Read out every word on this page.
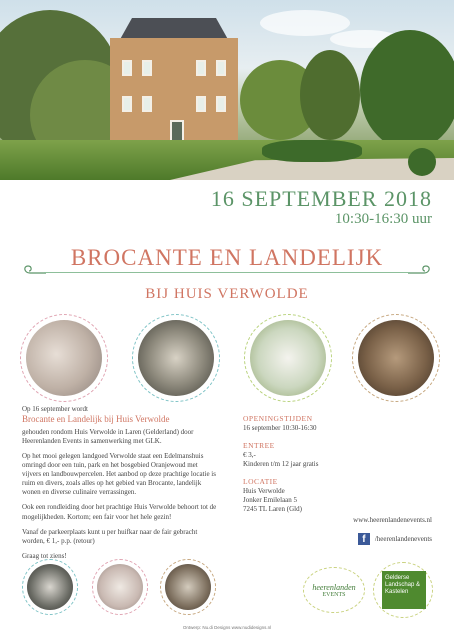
16 SEPTEMBER 2018
10:30-16:30 uur
BROCANTE EN LANDELIJK
BIJ HUIS VERWOLDE
Op 16 september wordt
Brocante en Landelijk bij Huis Verwolde

gehouden rondom Huis Verwolde in Laren (Gelderland) door Heerenlanden Events in samenwerking met GLK.

Op het mooi gelegen landgoed Verwolde staat een Edelmanshuis omringd door een tuin, park en het bosgebied Oranjewoud met vijvers en landbouwpercelen. Het aanbod op deze prachtige locatie is ruim en divers, zoals alles op het gebied van Brocante, landelijk wonen en diverse culinaire verrassingen.

Ook een rondleiding door het prachtige Huis Verwolde behoort tot de mogelijkheden. Kortom; een fair voor het hele gezin!

Vanaf de parkeerplaats kunt u per huifkar naar de fair gebracht worden, € 1,- p.p. (retour)

Graag tot ziens!

OPENINGSTIJDEN
16 september 10:30-16:30
ENTREE
€ 3,-
Kinderen t/m 12 jaar gratis
LOCATIE
Huis Verwolde
Jonker Emilelaan 5
7245 TL Laren (Gld)
www.heerenlandenevents.nl
f	/heerenlandenevents
heerenlanden
EVENTS
Gelderse
Landschap &
Kastelen
Ontwerp: Nu.di Designs www.nudidesigns.nl
